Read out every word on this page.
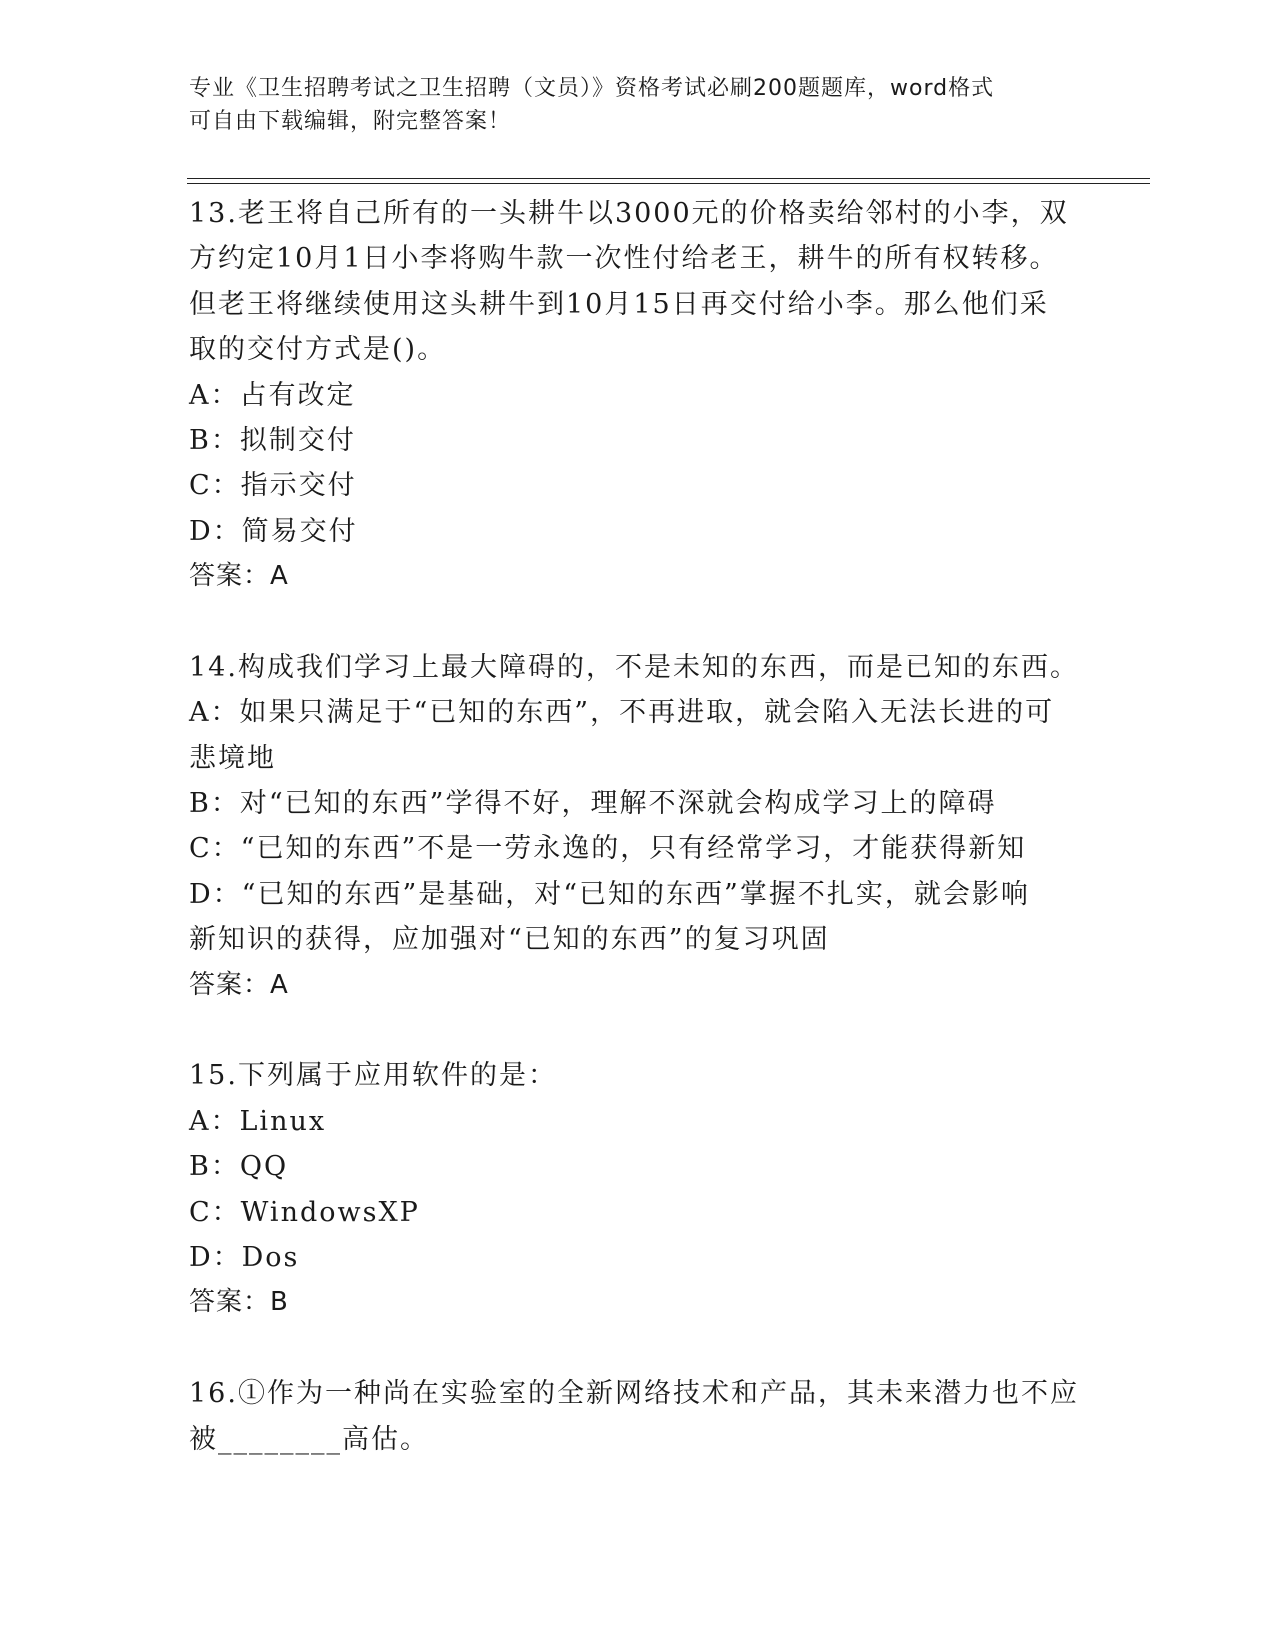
专业《卫生招聘考试之卫生招聘（文员）》资格考试必刷200题题库，word格式
可自由下载编辑，附完整答案！
13.老王将自己所有的一头耕牛以3000元的价格卖给邻村的小李，双
方约定10月1日小李将购牛款一次性付给老王，耕牛的所有权转移。
但老王将继续使用这头耕牛到10月15日再交付给小李。那么他们采
取的交付方式是()。
A：占有改定
B：拟制交付
C：指示交付
D：简易交付
答案：A
14.构成我们学习上最大障碍的，不是未知的东西，而是已知的东西。
A：如果只满足于“已知的东西”，不再进取，就会陷入无法长进的可
悲境地
B：对“已知的东西”学得不好，理解不深就会构成学习上的障碍
C：“已知的东西”不是一劳永逸的，只有经常学习，才能获得新知
D：“已知的东西”是基础，对“已知的东西”掌握不扎实，就会影响
新知识的获得，应加强对“已知的东西”的复习巩固
答案：A
15.下列属于应用软件的是：
A：Linux
B：QQ
C：WindowsXP
D：Dos
答案：B
16.①作为一种尚在实验室的全新网络技术和产品，其未来潜力也不应
被________高估。
